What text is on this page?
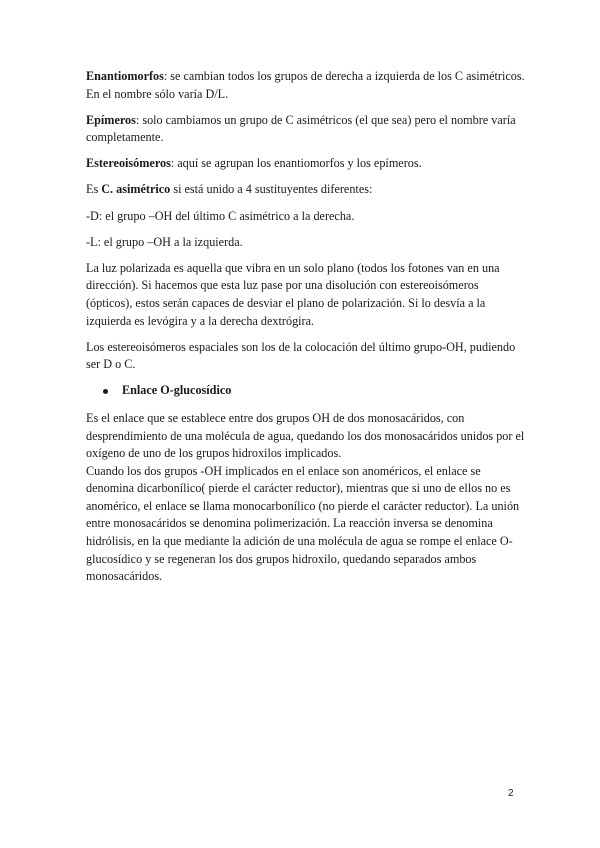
Enantiomorfos: se cambian todos los grupos de derecha a izquierda de los C asimétricos. En el nombre sólo varía D/L.

Epímeros: solo cambiamos un grupo de C asimétricos (el que sea) pero el nombre varía completamente.

Estereoisómeros: aquí se agrupan los enantiomorfos y los epímeros.

Es C. asimétrico si está unido a 4 sustituyentes diferentes:

-D: el grupo –OH del último C asimétrico a la derecha.

-L: el grupo –OH a la izquierda.

La luz polarizada es aquella que vibra en un solo plano (todos los fotones van en una dirección). Si hacemos que esta luz pase por una disolución con estereoisómeros (ópticos), estos serán capaces de desviar el plano de polarización. Si lo desvía a la izquierda es levógira y a la derecha dextrógira.

Los estereoisómeros espaciales son los de la colocación del último grupo-OH, pudiendo ser D o C.

Enlace O-glucosídico

Es el enlace que se establece entre dos grupos OH de dos monosacáridos, con desprendimiento de una molécula de agua, quedando los dos monosacáridos unidos por el oxígeno de uno de los grupos hidroxilos implicados.

Cuando los dos grupos -OH implicados en el enlace son anoméricos, el enlace se denomina dicarbonílico( pierde el carácter reductor), mientras que si uno de ellos no es anomérico, el enlace se llama monocarbonílico (no pierde el carácter reductor). La unión entre monosacáridos se denomina polimerización. La reacción inversa se denomina hidrólisis, en la que mediante la adición de una molécula de agua se rompe el enlace O-glucosídico y se regeneran los dos grupos hidroxilo, quedando separados ambos monosacáridos.

2
